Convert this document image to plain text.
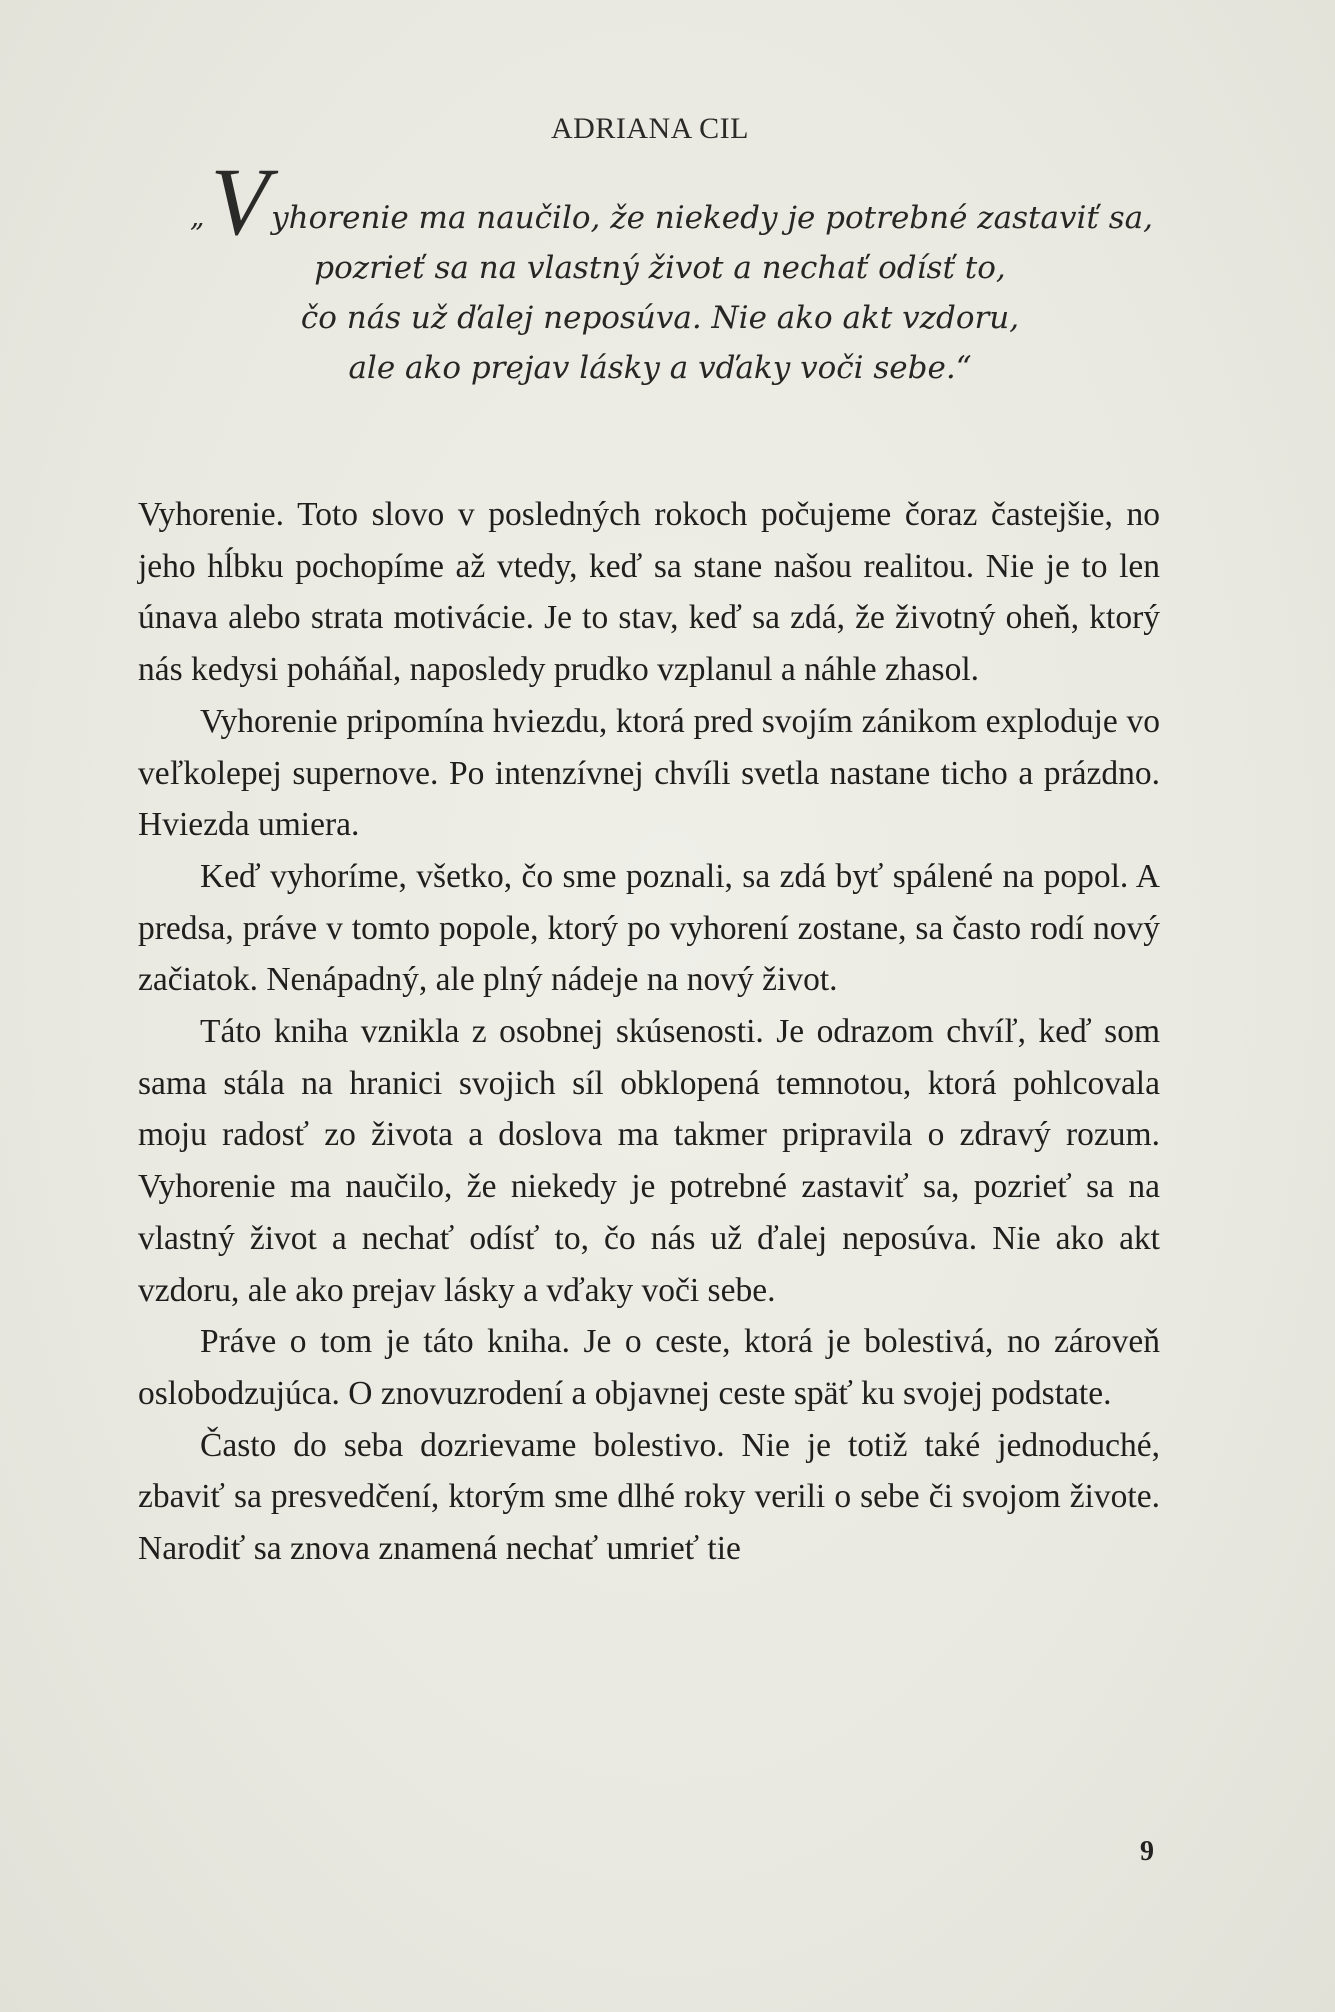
ADRIANA CIL
„Vyhorenie ma naučilo, že niekedy je potrebné zastaviť sa,
pozrieť sa na vlastný život a nechať odísť to,
čo nás už ďalej neposúva. Nie ako akt vzdoru,
ale ako prejav lásky a vďaky voči sebe.“

Vyhorenie. Toto slovo v posledných rokoch počujeme čoraz častejšie, no jeho hĺbku pochopíme až vtedy, keď sa stane našou realitou. Nie je to len únava alebo strata motivácie. Je to stav, keď sa zdá, že životný oheň, ktorý nás kedysi poháňal, naposledy prudko vzplanul a náhle zhasol.

Vyhorenie pripomína hviezdu, ktorá pred svojím zánikom exploduje vo veľkolepej supernove. Po intenzívnej chvíli svetla nastane ticho a prázdno. Hviezda umiera.

Keď vyhoríme, všetko, čo sme poznali, sa zdá byť spálené na popol. A predsa, práve v tomto popole, ktorý po vyhorení zostane, sa často rodí nový začiatok. Nenápadný, ale plný nádeje na nový život.

Táto kniha vznikla z osobnej skúsenosti. Je odrazom chvíľ, keď som sama stála na hranici svojich síl obklopená temnotou, ktorá pohlcovala moju radosť zo života a doslova ma takmer pripravila o zdravý rozum. Vyhorenie ma naučilo, že niekedy je potrebné zastaviť sa, pozrieť sa na vlastný život a nechať odísť to, čo nás už ďalej neposúva. Nie ako akt vzdoru, ale ako prejav lásky a vďaky voči sebe.

Práve o tom je táto kniha. Je o ceste, ktorá je bolestivá, no zároveň oslobodzujúca. O znovuzrodení a objavnej ceste späť ku svojej podstate.

Často do seba dozrievame bolestivo. Nie je totiž také jednoduché, zbaviť sa presvedčení, ktorým sme dlhé roky verili o sebe či svojom živote. Narodiť sa znova znamená nechať umrieť tie

9
